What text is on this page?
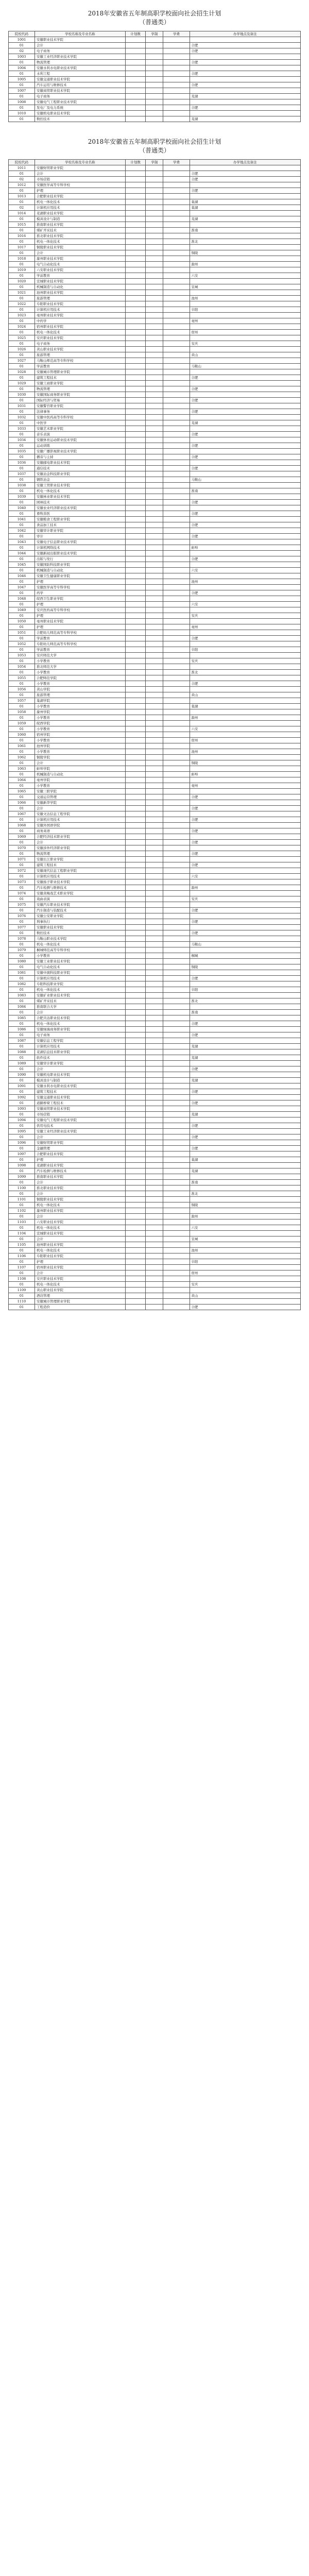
2018年安徽省五年制高职学校面向社会招生计划
（普通类）
院校代码	学校名称及专业名称	计划数	学制	学费	办学地点及备注
1001	安徽职业技术学院				
01	会计				合肥
02	电子商务				合肥
1003	安徽工业经济职业技术学院				
01	物流管理				合肥
1004	安徽水利水电职业技术学院				
01	水利工程				合肥
1005	安徽交通职业技术学院				
01	汽车运用与维修技术				合肥
1007	安徽商贸职业技术学院				
01	电子商务				芜湖
1008	安徽电气工程职业技术学院				
01	发电厂及电力系统				合肥
1010	安徽机电职业技术学院				
01	数控技术				芜湖
2018年安徽省五年制高职学校面向社会招生计划
（普通类）
院校代码	学校名称及专业名称	计划数	学制	学费	办学地点及备注
1011	安徽财贸职业学院				
01	会计				合肥
02	市场营销				合肥
1012	安徽医学高等专科学校				
01	护理				合肥
1013	合肥职业技术学院				
01	机电一体化技术				巢湖
02	计算机应用技术				巢湖
1014	芜湖职业技术学院				
01	模具设计与制造				芜湖
1015	淮南职业技术学院				
01	煤矿开采技术				淮南
1016	淮北职业技术学院				
01	机电一体化技术				淮北
1017	铜陵职业技术学院				
01	会计				铜陵
1018	滁州职业技术学院				
01	电气自动化技术				滁州
1019	六安职业技术学院				
01	学前教育				六安
1020	宣城职业技术学院				
01	机械制造与自动化				宣城
1021	池州职业技术学院				
01	旅游管理				池州
1022	阜阳职业技术学院				
01	计算机应用技术				阜阳
1023	亳州职业技术学院				
01	中药学				亳州
1024	宿州职业技术学院				
01	机电一体化技术				宿州
1025	安庆职业技术学院				
01	电子商务				安庆
1026	黄山职业技术学院				
01	旅游管理				黄山
1027	马鞍山师范高等专科学校				
01	学前教育				马鞍山
1028	安徽城市管理职业学院				
01	建筑工程技术				合肥
1029	安徽工商职业学院				
01	物流管理				合肥
1030	安徽国际商务职业学院				
01	国际经济与贸易				合肥
1031	安徽警官职业学院				
01	法律事务				合肥
1032	安徽中医药高等专科学校				
01	中医学				芜湖
1033	安徽艺术职业学院				
01	音乐表演				合肥
1034	安徽体育运动职业技术学院				
01	运动训练				合肥
1035	安徽广播影视职业技术学院				
01	播音与主持				合肥
1036	安徽邮电职业技术学院				
01	通信技术				合肥
1037	安徽冶金科技职业学院				
01	钢铁冶金				马鞍山
1038	安徽工贸职业技术学院				
01	机电一体化技术				淮南
1039	安徽林业职业技术学院				
01	园林技术				合肥
1040	安徽农业经济职业技术学院				
01	畜牧兽医				合肥
1041	安徽粮食工程职业学院				
01	食品加工技术				合肥
1042	安徽审计职业学院				
01	审计				合肥
1043	安徽电子信息职业技术学院				
01	计算机网络技术				蚌埠
1044	安徽新闻出版职业技术学院				
01	出版与发行				合肥
1045	安徽国防科技职业学院				
01	机械制造与自动化				六安
1046	安徽卫生健康职业学院				
01	护理				池州
1047	安徽医学高等专科学校				
01	药学				合肥
1048	皖西卫生职业学院				
01	护理				六安
1049	安庆医药高等专科学校				
01	护理				安庆
1050	亳州职业技术学院				
01	护理				亳州
1051	合肥幼儿师范高等专科学校				
01	学前教育				合肥
1052	阜阳幼儿师范高等专科学校				
01	学前教育				阜阳
1053	安庆师范大学				
01	小学教育				安庆
1054	淮北师范大学				
01	小学教育				淮北
1055	合肥师范学院				
01	小学教育				合肥
1056	黄山学院				
01	旅游管理				黄山
1057	巢湖学院				
01	小学教育				巢湖
1058	滁州学院				
01	小学教育				滁州
1059	皖西学院				
01	小学教育				六安
1060	宿州学院				
01	小学教育				宿州
1061	池州学院				
01	小学教育				池州
1062	铜陵学院				
01	会计				铜陵
1063	蚌埠学院				
01	机械制造与自动化				蚌埠
1064	亳州学院				
01	小学教育				亳州
1065	安徽三联学院				
01	交通运营管理				合肥
1066	安徽新华学院				
01	会计				合肥
1067	安徽文达信息工程学院				
01	计算机应用技术				合肥
1068	安徽外国语学院				
01	商务英语				合肥
1069	合肥经济技术职业学院				
01	会计				合肥
1070	安徽涉外经济职业学院				
01	物流管理				合肥
1071	安徽长江职业学院				
01	建筑工程技术				合肥
1072	安徽现代信息工程职业学院				
01	计算机应用技术				六安
1073	安徽扬子职业技术学院				
01	汽车检测与维修技术				滁州
1074	安徽黄梅戏艺术职业学院				
01	戏曲表演				安庆
1075	安徽汽车职业技术学院				
01	汽车制造与装配技术				合肥
1076	安徽公安职业学院				
01	刑事执行				合肥
1077	安徽职业技术学院				
01	数控技术				合肥
1078	马鞍山职业技术学院				
01	机电一体化技术				马鞍山
1079	桐城师范高等专科学校				
01	小学教育				桐城
1080	安徽工业职业技术学院				
01	电气自动化技术				铜陵
1081	安徽中澳科技职业学院				
01	计算机应用技术				合肥
1082	阜阳科技职业学院				
01	机电一体化技术				阜阳
1083	安徽矿业职业技术学院				
01	煤矿开采技术				淮北
1084	淮南联合大学				
01	会计				淮南
1085	合肥共达职业技术学院				
01	机电一体化技术				合肥
1086	安徽绿海商务职业学院				
01	电子商务				合肥
1087	安徽信息工程学院				
01	计算机应用技术				芜湖
1088	芜湖信息技术职业学院				
01	软件技术				芜湖
1089	安徽审计职业学院				
01	会计				合肥
1090	安徽机电职业技术学院				
01	模具设计与制造				芜湖
1091	安徽水利水电职业技术学院				
01	建筑工程技术				合肥
1092	安徽交通职业技术学院				
01	道路桥梁工程技术				合肥
1093	安徽商贸职业技术学院				
01	市场营销				芜湖
1094	安徽电气工程职业技术学院				
01	供用电技术				合肥
1095	安徽工业经济职业技术学院				
01	会计				合肥
1096	安徽财贸职业学院				
01	金融管理				合肥
1097	合肥职业技术学院				
01	护理				巢湖
1098	芜湖职业技术学院				
01	汽车检测与维修技术				芜湖
1099	淮南职业技术学院				
01	会计				淮南
1100	淮北职业技术学院				
01	会计				淮北
1101	铜陵职业技术学院				
01	机电一体化技术				铜陵
1102	滁州职业技术学院				
01	会计				滁州
1103	六安职业技术学院				
01	机电一体化技术				六安
1104	宣城职业技术学院				
01	会计				宣城
1105	池州职业技术学院				
01	机电一体化技术				池州
1106	阜阳职业技术学院				
01	护理				阜阳
1107	宿州职业技术学院				
01	会计				宿州
1108	安庆职业技术学院				
01	机电一体化技术				安庆
1109	黄山职业技术学院				
01	酒店管理				黄山
1110	安徽城市管理职业学院				
01	工程造价				合肥
